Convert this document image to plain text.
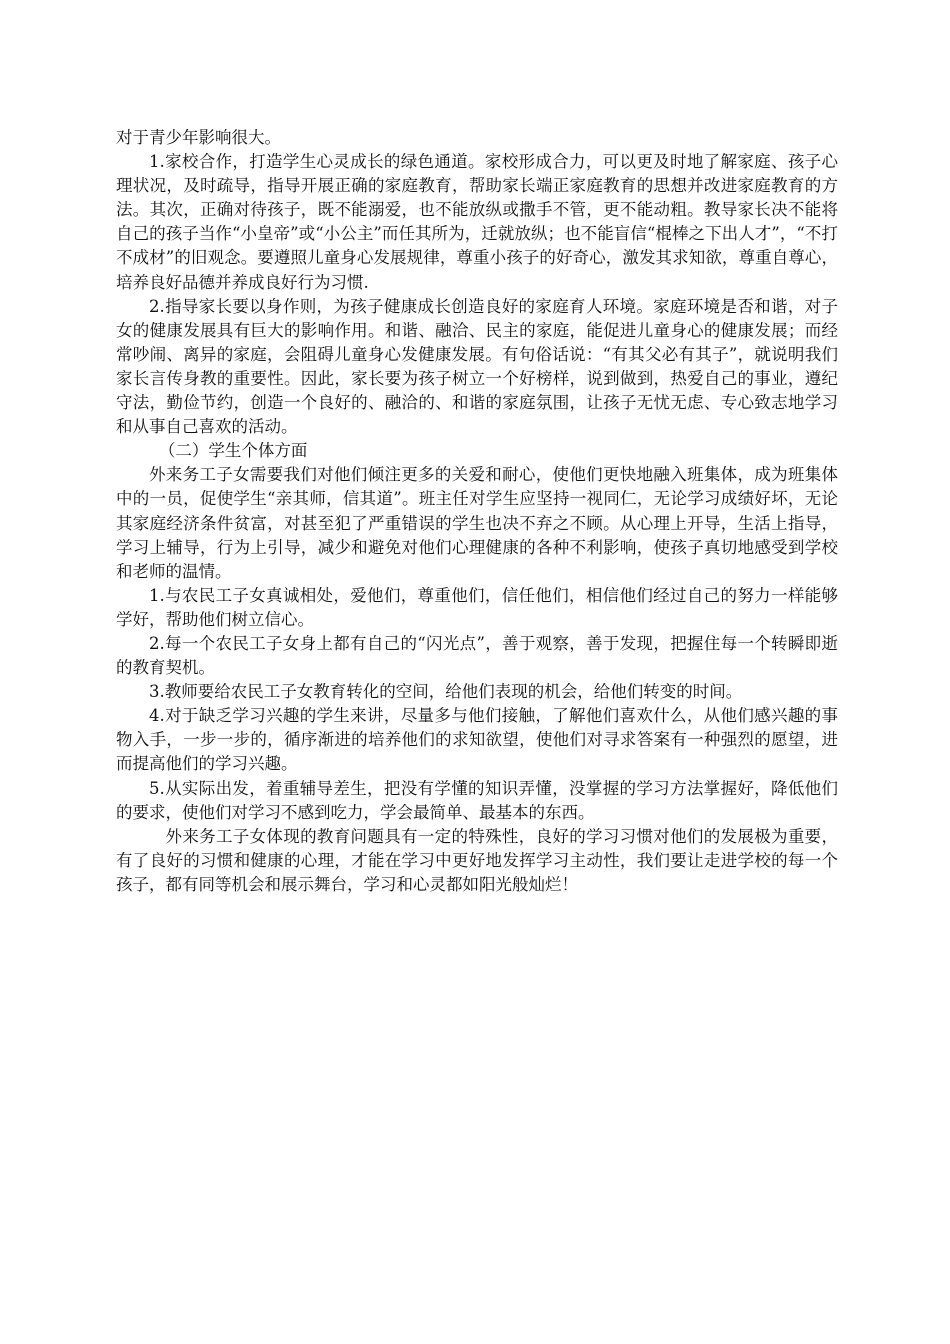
对于青少年影响很大。

1.家校合作，打造学生心灵成长的绿色通道。家校形成合力，可以更及时地了解家庭、孩子心理状况，及时疏导，指导开展正确的家庭教育，帮助家长端正家庭教育的思想并改进家庭教育的方法。其次，正确对待孩子，既不能溺爱，也不能放纵或撒手不管，更不能动粗。教导家长决不能将自己的孩子当作“小皇帝”或“小公主”而任其所为，迁就放纵；也不能盲信“棍棒之下出人才”，“不打不成材”的旧观念。要遵照儿童身心发展规律，尊重小孩子的好奇心，激发其求知欲，尊重自尊心，培养良好品德并养成良好行为习惯.

2.指导家长要以身作则，为孩子健康成长创造良好的家庭育人环境。家庭环境是否和谐，对子女的健康发展具有巨大的影响作用。和谐、融洽、民主的家庭，能促进儿童身心的健康发展；而经常吵闹、离异的家庭，会阻碍儿童身心发健康发展。有句俗话说：“有其父必有其子”，就说明我们家长言传身教的重要性。因此，家长要为孩子树立一个好榜样，说到做到，热爱自己的事业，遵纪守法，勤俭节约，创造一个良好的、融洽的、和谐的家庭氛围，让孩子无忧无虑、专心致志地学习和从事自己喜欢的活动。

（二）学生个体方面

外来务工子女需要我们对他们倾注更多的关爱和耐心，使他们更快地融入班集体，成为班集体中的一员，促使学生“亲其师，信其道”。班主任对学生应坚持一视同仁，无论学习成绩好坏，无论其家庭经济条件贫富，对甚至犯了严重错误的学生也决不弃之不顾。从心理上开导，生活上指导，学习上辅导，行为上引导，减少和避免对他们心理健康的各种不利影响，使孩子真切地感受到学校和老师的温情。

1.与农民工子女真诚相处，爱他们，尊重他们，信任他们，相信他们经过自己的努力一样能够学好，帮助他们树立信心。

2.每一个农民工子女身上都有自己的“闪光点”，善于观察，善于发现，把握住每一个转瞬即逝的教育契机。

3.教师要给农民工子女教育转化的空间，给他们表现的机会，给他们转变的时间。

4.对于缺乏学习兴趣的学生来讲，尽量多与他们接触，了解他们喜欢什么，从他们感兴趣的事物入手，一步一步的，循序渐进的培养他们的求知欲望，使他们对寻求答案有一种强烈的愿望，进而提高他们的学习兴趣。

5.从实际出发，着重辅导差生，把没有学懂的知识弄懂，没掌握的学习方法掌握好，降低他们的要求，使他们对学习不感到吃力，学会最简单、最基本的东西。

外来务工子女体现的教育问题具有一定的特殊性，良好的学习习惯对他们的发展极为重要，有了良好的习惯和健康的心理，才能在学习中更好地发挥学习主动性，我们要让走进学校的每一个孩子，都有同等机会和展示舞台，学习和心灵都如阳光般灿烂！
